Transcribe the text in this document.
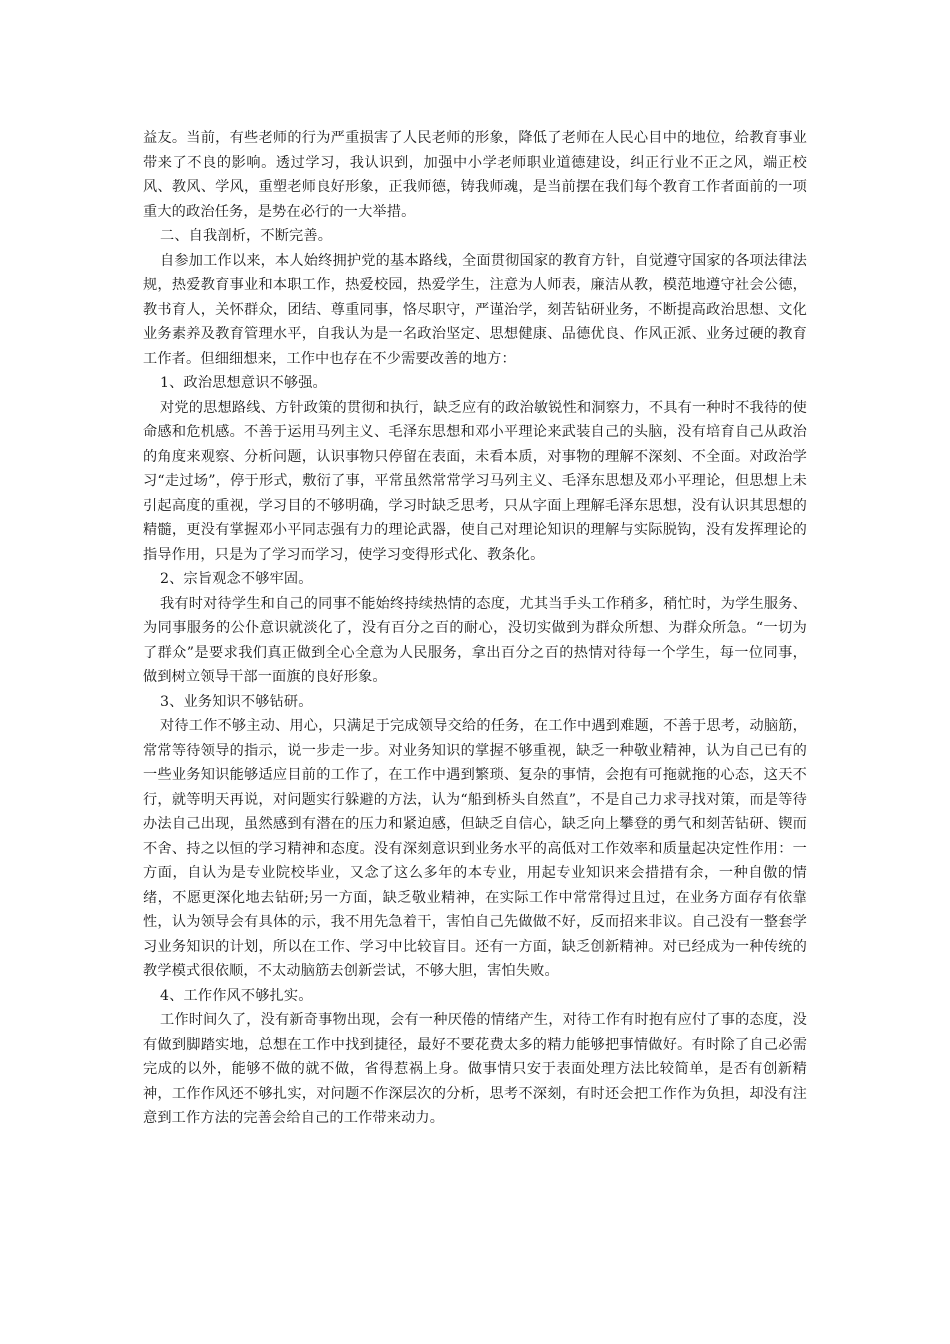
益友。当前，有些老师的行为严重损害了人民老师的形象，降低了老师在人民心目中的地位，给教育事业带来了不良的影响。透过学习，我认识到，加强中小学老师职业道德建设，纠正行业不正之风，端正校风、教风、学风，重塑老师良好形象，正我师德，铸我师魂，是当前摆在我们每个教育工作者面前的一项重大的政治任务，是势在必行的一大举措。

二、自我剖析，不断完善。

自参加工作以来，本人始终拥护党的基本路线，全面贯彻国家的教育方针，自觉遵守国家的各项法律法规，热爱教育事业和本职工作，热爱校园，热爱学生，注意为人师表，廉洁从教，模范地遵守社会公德，教书育人，关怀群众，团结、尊重同事，恪尽职守，严谨治学，刻苦钻研业务，不断提高政治思想、文化业务素养及教育管理水平，自我认为是一名政治坚定、思想健康、品德优良、作风正派、业务过硬的教育工作者。但细细想来，工作中也存在不少需要改善的地方：

1、政治思想意识不够强。

对党的思想路线、方针政策的贯彻和执行，缺乏应有的政治敏锐性和洞察力，不具有一种时不我待的使命感和危机感。不善于运用马列主义、毛泽东思想和邓小平理论来武装自己的头脑，没有培育自己从政治的角度来观察、分析问题，认识事物只停留在表面，未看本质，对事物的理解不深刻、不全面。对政治学习“走过场”，停于形式，敷衍了事，平常虽然常常学习马列主义、毛泽东思想及邓小平理论，但思想上未引起高度的重视，学习目的不够明确，学习时缺乏思考，只从字面上理解毛泽东思想，没有认识其思想的精髓，更没有掌握邓小平同志强有力的理论武器，使自己对理论知识的理解与实际脱钩，没有发挥理论的指导作用，只是为了学习而学习，使学习变得形式化、教条化。

2、宗旨观念不够牢固。

我有时对待学生和自己的同事不能始终持续热情的态度，尤其当手头工作稍多，稍忙时，为学生服务、为同事服务的公仆意识就淡化了，没有百分之百的耐心，没切实做到为群众所想、为群众所急。“一切为了群众”是要求我们真正做到全心全意为人民服务，拿出百分之百的热情对待每一个学生，每一位同事，做到树立领导干部一面旗的良好形象。

3、业务知识不够钻研。

对待工作不够主动、用心，只满足于完成领导交给的任务，在工作中遇到难题，不善于思考，动脑筋，常常等待领导的指示，说一步走一步。对业务知识的掌握不够重视，缺乏一种敬业精神，认为自己已有的一些业务知识能够适应目前的工作了，在工作中遇到繁琐、复杂的事情，会抱有可拖就拖的心态，这天不行，就等明天再说，对问题实行躲避的方法，认为“船到桥头自然直”，不是自己力求寻找对策，而是等待办法自己出现，虽然感到有潜在的压力和紧迫感，但缺乏自信心，缺乏向上攀登的勇气和刻苦钻研、锲而不舍、持之以恒的学习精神和态度。没有深刻意识到业务水平的高低对工作效率和质量起决定性作用：一方面，自认为是专业院校毕业，又念了这么多年的本专业，用起专业知识来会措措有余，一种自傲的情绪，不愿更深化地去钻研;另一方面，缺乏敬业精神，在实际工作中常常得过且过，在业务方面存有依靠性，认为领导会有具体的示，我不用先急着干，害怕自己先做做不好，反而招来非议。自己没有一整套学习业务知识的计划，所以在工作、学习中比较盲目。还有一方面，缺乏创新精神。对已经成为一种传统的教学模式很依顺，不太动脑筋去创新尝试，不够大胆，害怕失败。

4、工作作风不够扎实。

工作时间久了，没有新奇事物出现，会有一种厌倦的情绪产生，对待工作有时抱有应付了事的态度，没有做到脚踏实地，总想在工作中找到捷径，最好不要花费太多的精力能够把事情做好。有时除了自己必需完成的以外，能够不做的就不做，省得惹祸上身。做事情只安于表面处理方法比较简单，是否有创新精神，工作作风还不够扎实，对问题不作深层次的分析，思考不深刻，有时还会把工作作为负担，却没有注意到工作方法的完善会给自己的工作带来动力。
